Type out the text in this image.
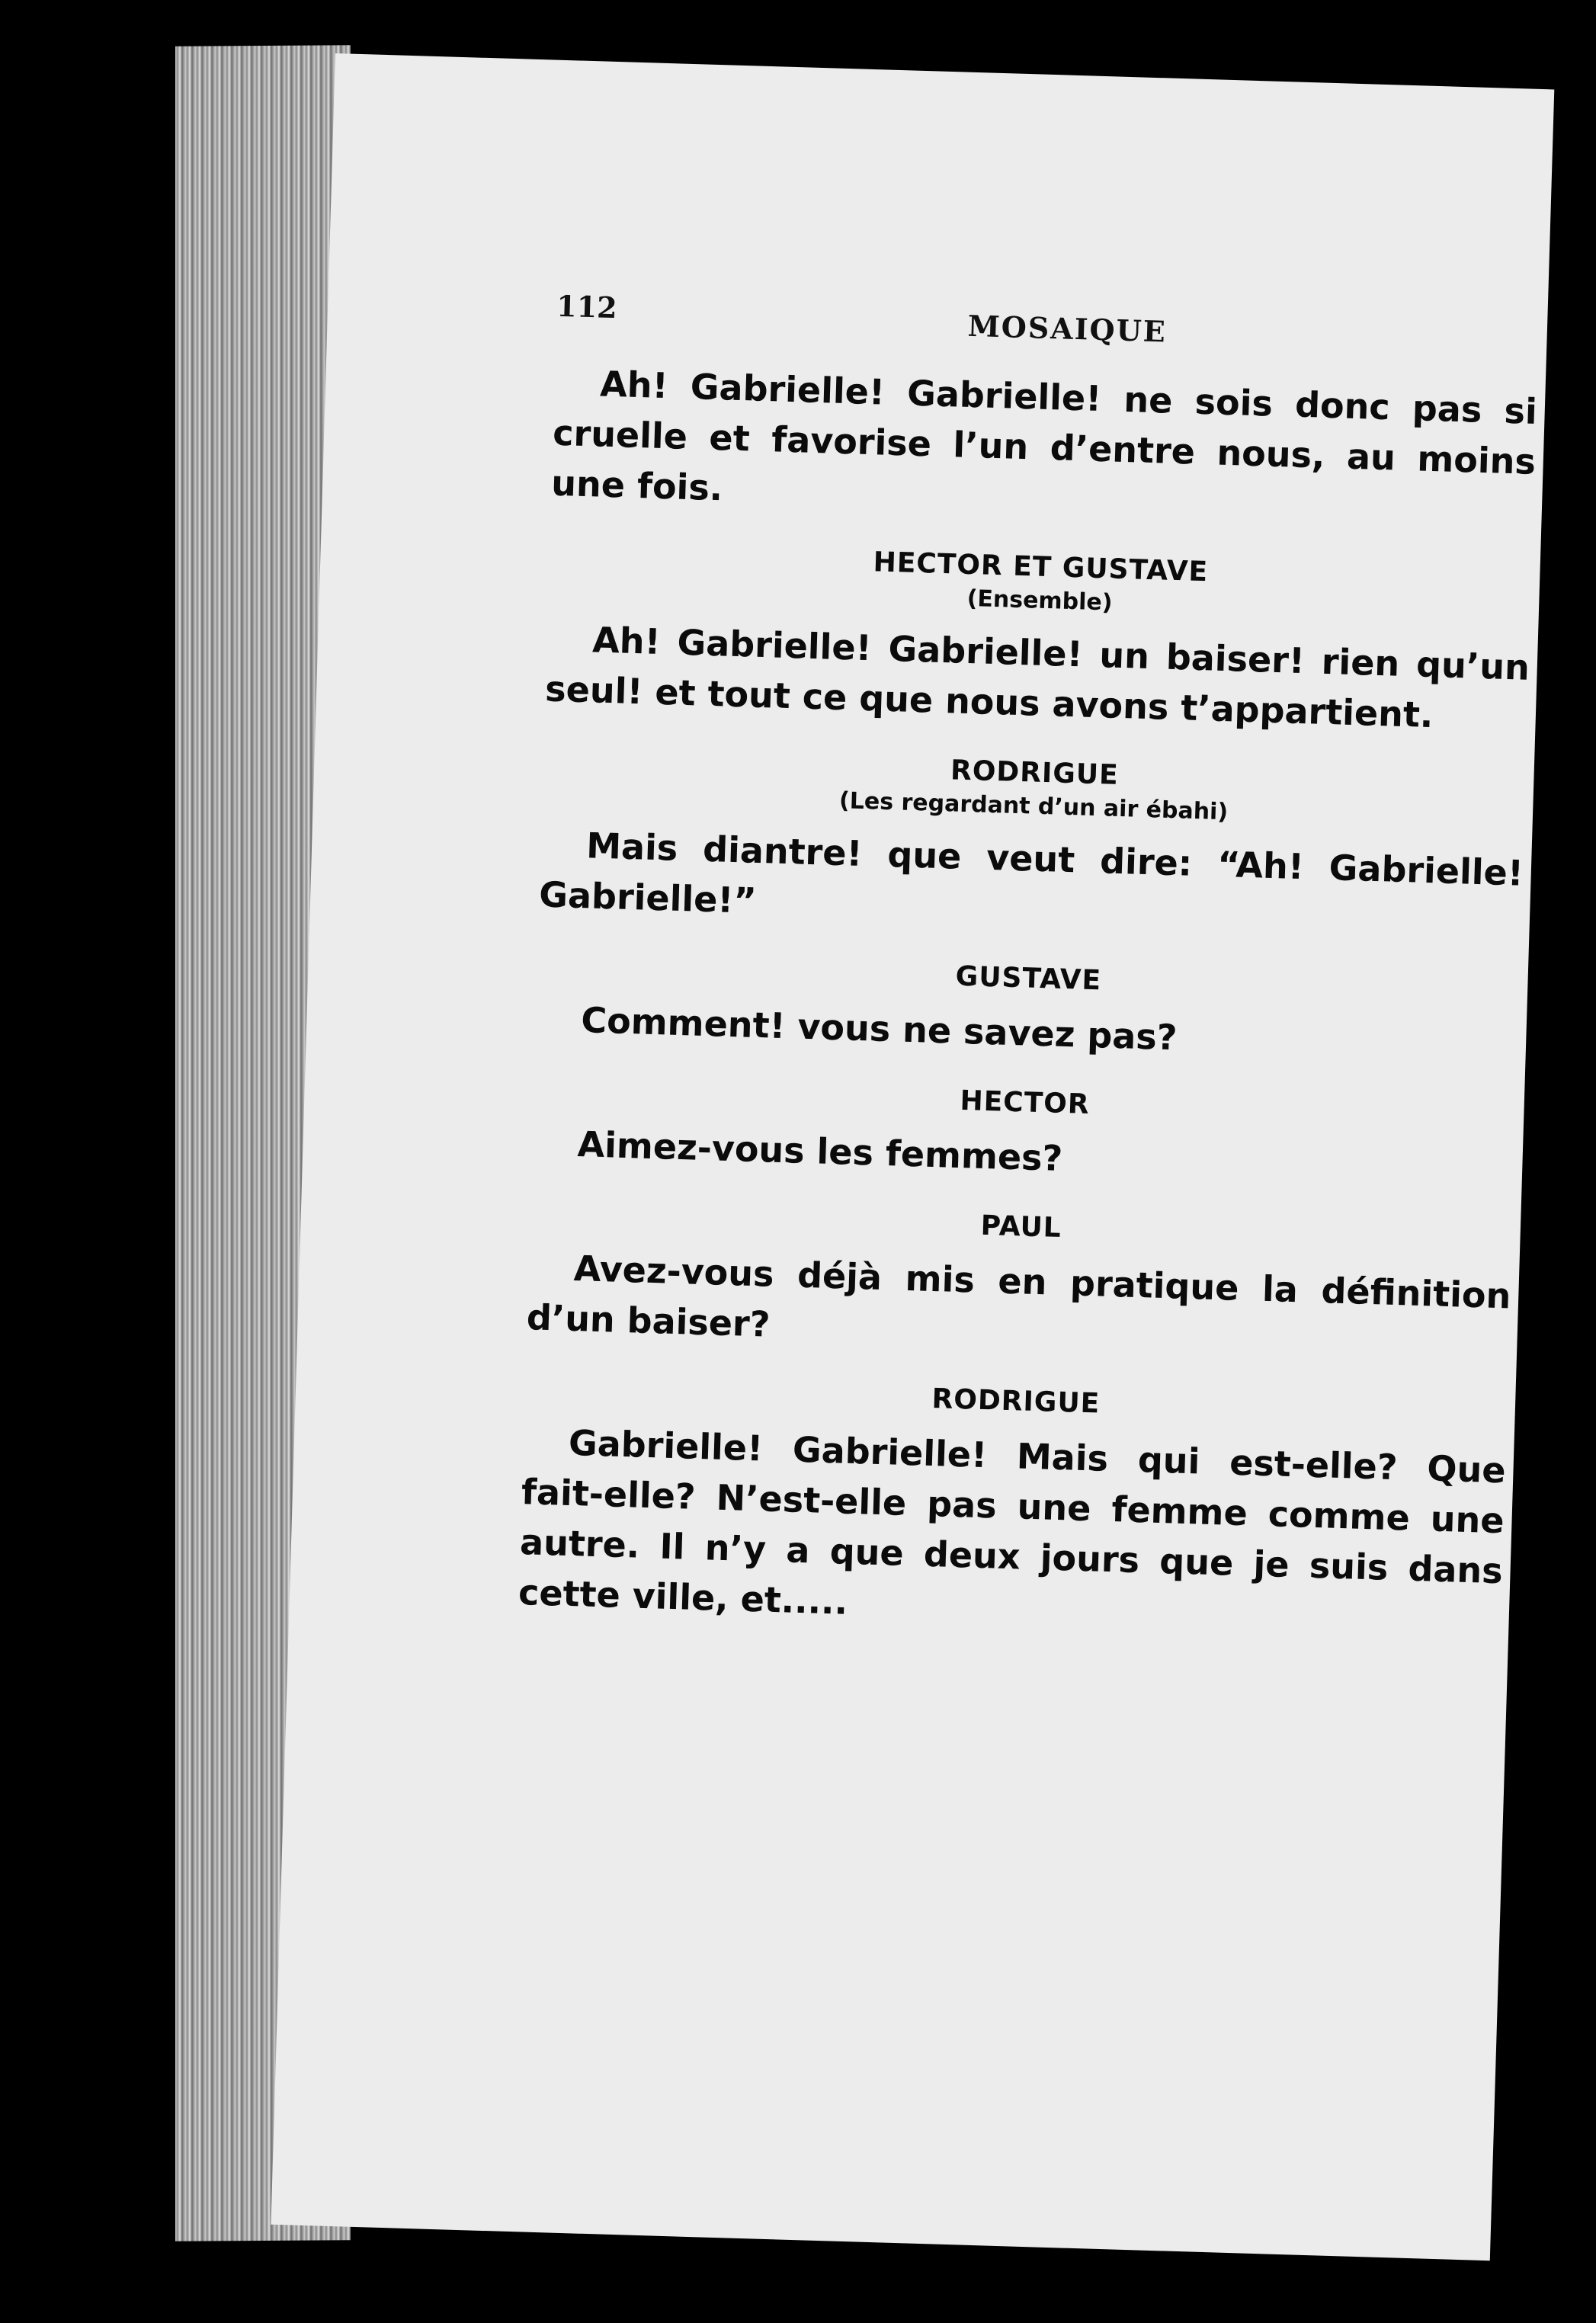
112
MOSAIQUE

Ah! Gabrielle! Gabrielle! ne sois donc pas si cruelle et favorise l’un d’entre nous, au moins une fois.

HECTOR ET GUSTAVE
(Ensemble)

Ah! Gabrielle! Gabrielle! un baiser! rien qu’un seul! et tout ce que nous avons t’appartient.

RODRIGUE
(Les regardant d’un air ébahi)

Mais diantre! que veut dire: “Ah! Gabrielle! Gabrielle!”

GUSTAVE

Comment! vous ne savez pas?

HECTOR

Aimez-vous les femmes?

PAUL

Avez-vous déjà mis en pratique la définition d’un baiser?

RODRIGUE

Gabrielle! Gabrielle! Mais qui est-elle? Que fait-elle? N’est-elle pas une femme comme une autre. Il n’y a que deux jours que je suis dans cette ville, et.....
